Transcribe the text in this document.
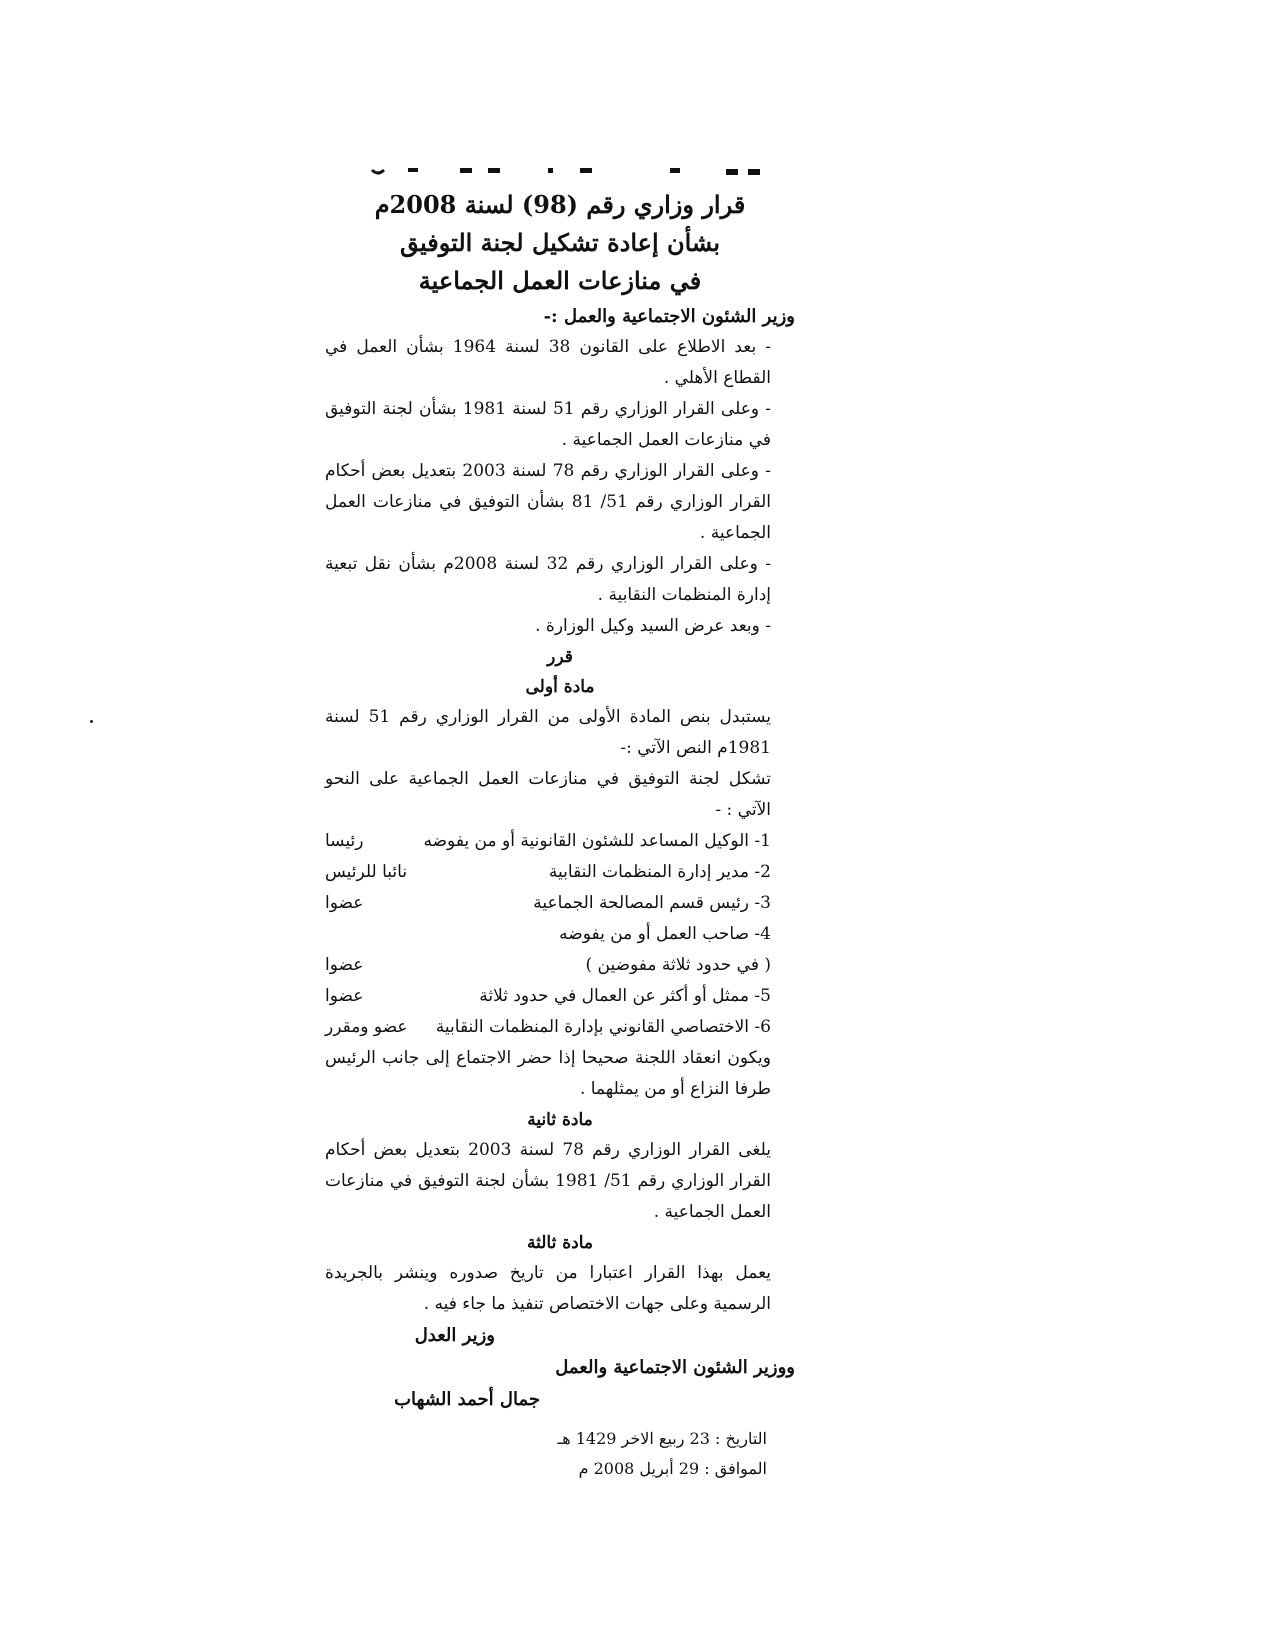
قرار وزاري رقم (98) لسنة 2008م
بشأن إعادة تشكيل لجنة التوفيق
في منازعات العمل الجماعية
وزير الشئون الاجتماعية والعمل :-

- بعد الاطلاع على القانون 38 لسنة 1964 بشأن العمل في القطاع الأهلي .

- وعلى القرار الوزاري رقم 51 لسنة 1981 بشأن لجنة التوفيق في منازعات العمل الجماعية .

- وعلى القرار الوزاري رقم 78 لسنة 2003 بتعديل بعض أحكام القرار الوزاري رقم 51/ 81 بشأن التوفيق في منازعات العمل الجماعية .

- وعلى القرار الوزاري رقم 32 لسنة 2008م بشأن نقل تبعية إدارة المنظمات النقابية .

- وبعد عرض السيد وكيل الوزارة .

قرر
مادة أولى

يستبدل بنص المادة الأولى من القرار الوزاري رقم 51 لسنة 1981م النص الآتي :-

تشكل لجنة التوفيق في منازعات العمل الجماعية على النحو الآتي : -

1- الوكيل المساعد للشئون القانونية أو من يفوضه
رئيسا
2- مدير إدارة المنظمات النقابية
نائبا للرئيس
3- رئيس قسم المصالحة الجماعية
عضوا
4- صاحب العمل أو من يفوضه
( في حدود ثلاثة مفوضين )
عضوا
5- ممثل أو أكثر عن العمال في حدود ثلاثة
عضوا
6- الاختصاصي القانوني بإدارة المنظمات النقابية
عضو ومقرر

ويكون انعقاد اللجنة صحيحا إذا حضر الاجتماع إلى جانب الرئيس طرفا النزاع أو من يمثلهما .

مادة ثانية

يلغى القرار الوزاري رقم 78 لسنة 2003 بتعديل بعض أحكام القرار الوزاري رقم 51/ 1981 بشأن لجنة التوفيق في منازعات العمل الجماعية .

مادة ثالثة

يعمل بهذا القرار اعتبارا من تاريخ صدوره وينشر بالجريدة الرسمية وعلى جهات الاختصاص تنفيذ ما جاء فيه .

وزير العدل
ووزير الشئون الاجتماعية والعمل
جمال أحمد الشهاب
التاريخ : 23 ربيع الاخر 1429 هـ
الموافق : 29 أبريل 2008 م
